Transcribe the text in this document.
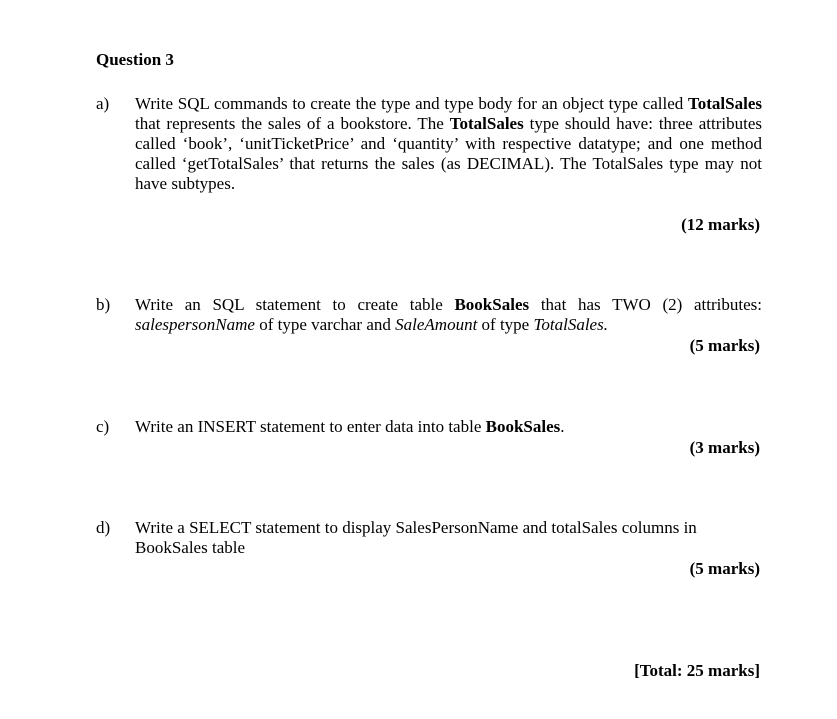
Question 3
a)	Write SQL commands to create the type and type body for an object type called TotalSales that represents the sales of a bookstore. The TotalSales type should have: three attributes called ‘book’, ‘unitTicketPrice’ and ‘quantity’ with respective datatype; and one method called ‘getTotalSales’ that returns the sales (as DECIMAL). The TotalSales type may not have subtypes.
(12 marks)
b)	Write an SQL statement to create table BookSales that has TWO (2) attributes: salespersonName of type varchar and SaleAmount of type TotalSales.
(5 marks)
c)	Write an INSERT statement to enter data into table BookSales.
(3 marks)
d)	Write a SELECT statement to display SalesPersonName and totalSales columns in BookSales table
(5 marks)
[Total: 25 marks]
